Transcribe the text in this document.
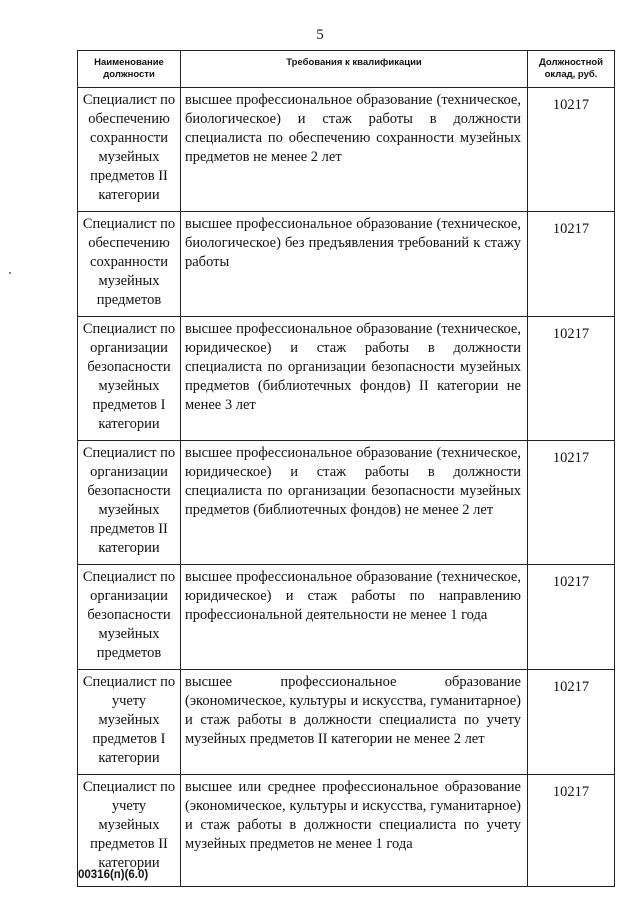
5
Наименование должности	Требования к квалификации	Должностной оклад, руб.
Специалист по обеспечению сохранности музейных предметов II категории	высшее профессиональное образование (техническое, биологическое) и стаж работы в должности специалиста по обеспечению сохранности музейных предметов не менее 2 лет	10217
Специалист по обеспечению сохранности музейных предметов	высшее профессиональное образование (техническое, биологическое) без предъявления требований к стажу работы	10217
Специалист по организации безопасности музейных предметов I категории	высшее профессиональное образование (техническое, юридическое) и стаж работы в должности специалиста по организации безопасности музейных предметов (библиотечных фондов) II категории не менее 3 лет	10217
Специалист по организации безопасности музейных предметов II категории	высшее профессиональное образование (техническое, юридическое) и стаж работы в должности специалиста по организации безопасности музейных предметов (библиотечных фондов) не менее 2 лет	10217
Специалист по организации безопасности музейных предметов	высшее профессиональное образование (техническое, юридическое) и стаж работы по направлению профессиональной деятельности не менее 1 года	10217
Специалист по учету музейных предметов I категории	высшее профессиональное образование (экономическое, культуры и искусства, гуманитарное) и стаж работы в должности специалиста по учету музейных предметов II категории не менее 2 лет	10217
Специалист по учету музейных предметов II категории	высшее или среднее профессиональное образование (экономическое, культуры и искусства, гуманитарное) и стаж работы в должности специалиста по учету музейных предметов не менее 1 года	10217
00316(п)(6.0)
